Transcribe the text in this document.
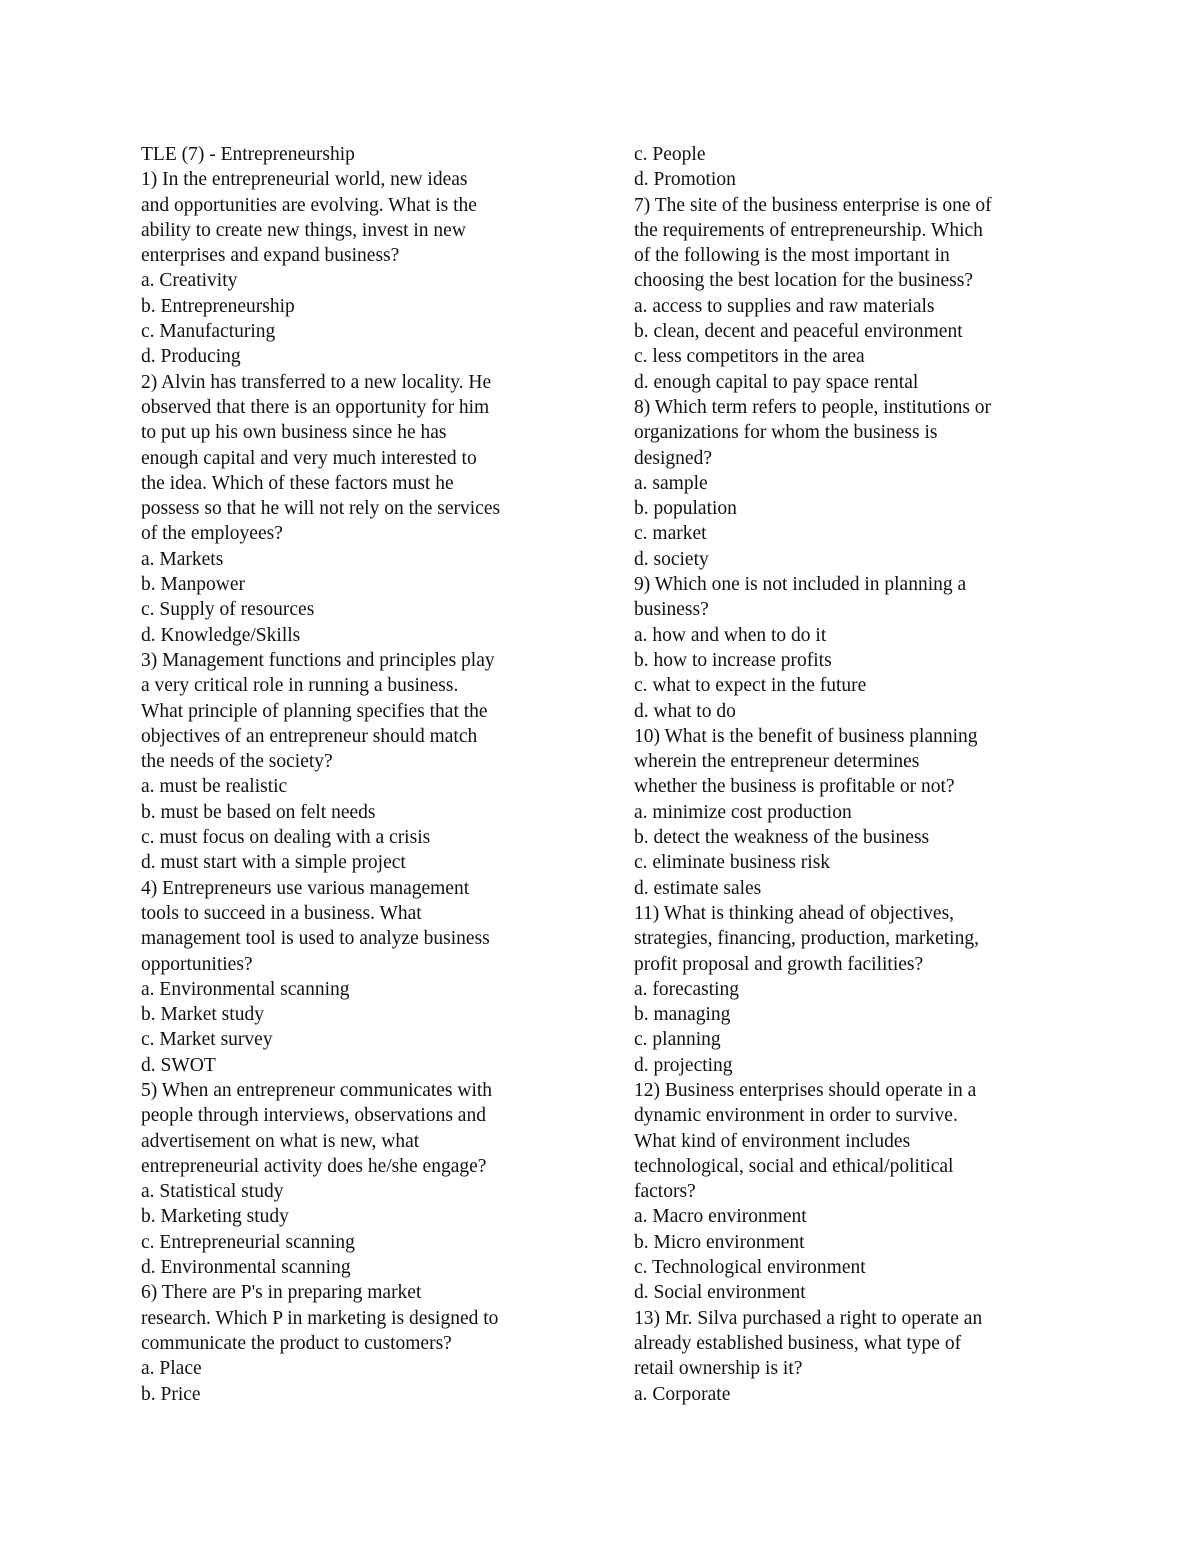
TLE (7) - Entrepreneurship
1) In the entrepreneurial world, new ideas
and opportunities are evolving. What is the
ability to create new things, invest in new
enterprises and expand business?
a. Creativity
b. Entrepreneurship
c. Manufacturing
d. Producing
2) Alvin has transferred to a new locality. He
observed that there is an opportunity for him
to put up his own business since he has
enough capital and very much interested to
the idea. Which of these factors must he
possess so that he will not rely on the services
of the employees?
a. Markets
b. Manpower
c. Supply of resources
d. Knowledge/Skills
3) Management functions and principles play
a very critical role in running a business.
What principle of planning specifies that the
objectives of an entrepreneur should match
the needs of the society?
a. must be realistic
b. must be based on felt needs
c. must focus on dealing with a crisis
d. must start with a simple project
4) Entrepreneurs use various management
tools to succeed in a business. What
management tool is used to analyze business
opportunities?
a. Environmental scanning
b. Market study
c. Market survey
d. SWOT
5) When an entrepreneur communicates with
people through interviews, observations and
advertisement on what is new, what
entrepreneurial activity does he/she engage?
a. Statistical study
b. Marketing study
c. Entrepreneurial scanning
d. Environmental scanning
6) There are P's in preparing market
research. Which P in marketing is designed to
communicate the product to customers?
a. Place
b. Price
c. People
d. Promotion
7) The site of the business enterprise is one of
the requirements of entrepreneurship. Which
of the following is the most important in
choosing the best location for the business?
a. access to supplies and raw materials
b. clean, decent and peaceful environment
c. less competitors in the area
d. enough capital to pay space rental
8) Which term refers to people, institutions or
organizations for whom the business is
designed?
a. sample
b. population
c. market
d. society
9) Which one is not included in planning a
business?
a. how and when to do it
b. how to increase profits
c. what to expect in the future
d. what to do
10) What is the benefit of business planning
wherein the entrepreneur determines
whether the business is profitable or not?
a. minimize cost production
b. detect the weakness of the business
c. eliminate business risk
d. estimate sales
11) What is thinking ahead of objectives,
strategies, financing, production, marketing,
profit proposal and growth facilities?
a. forecasting
b. managing
c. planning
d. projecting
12) Business enterprises should operate in a
dynamic environment in order to survive.
What kind of environment includes
technological, social and ethical/political
factors?
a. Macro environment
b. Micro environment
c. Technological environment
d. Social environment
13) Mr. Silva purchased a right to operate an
already established business, what type of
retail ownership is it?
a. Corporate
